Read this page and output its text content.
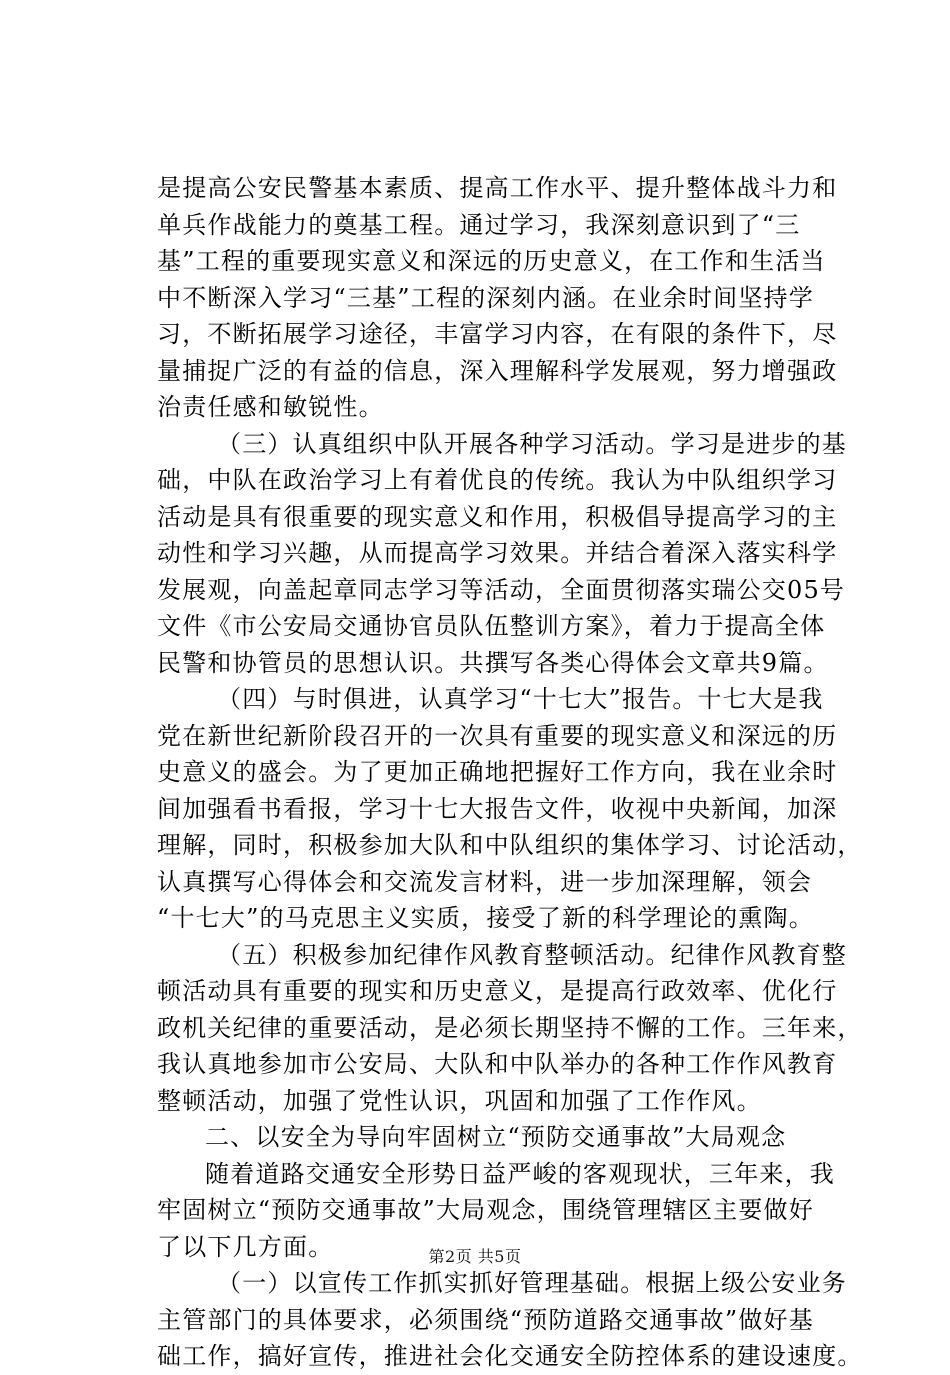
是提高公安民警基本素质、提高工作水平、提升整体战斗力和
单兵作战能力的奠基工程。通过学习，我深刻意识到了“三
基”工程的重要现实意义和深远的历史意义，在工作和生活当
中不断深入学习“三基”工程的深刻内涵。在业余时间坚持学
习，不断拓展学习途径，丰富学习内容，在有限的条件下，尽
量捕捉广泛的有益的信息，深入理解科学发展观，努力增强政
治责任感和敏锐性。

（三）认真组织中队开展各种学习活动。学习是进步的基
础，中队在政治学习上有着优良的传统。我认为中队组织学习
活动是具有很重要的现实意义和作用，积极倡导提高学习的主
动性和学习兴趣，从而提高学习效果。并结合着深入落实科学
发展观，向盖起章同志学习等活动，全面贯彻落实瑞公交05号
文件《市公安局交通协官员队伍整训方案》，着力于提高全体
民警和协管员的思想认识。共撰写各类心得体会文章共9篇。

（四）与时俱进，认真学习“十七大”报告。十七大是我
党在新世纪新阶段召开的一次具有重要的现实意义和深远的历
史意义的盛会。为了更加正确地把握好工作方向，我在业余时
间加强看书看报，学习十七大报告文件，收视中央新闻，加深
理解，同时，积极参加大队和中队组织的集体学习、讨论活动，
认真撰写心得体会和交流发言材料，进一步加深理解，领会
“十七大”的马克思主义实质，接受了新的科学理论的熏陶。

（五）积极参加纪律作风教育整顿活动。纪律作风教育整
顿活动具有重要的现实和历史意义，是提高行政效率、优化行
政机关纪律的重要活动，是必须长期坚持不懈的工作。三年来，
我认真地参加市公安局、大队和中队举办的各种工作作风教育
整顿活动，加强了党性认识，巩固和加强了工作作风。

二、以安全为导向牢固树立“预防交通事故”大局观念

随着道路交通安全形势日益严峻的客观现状，三年来，我
牢固树立“预防交通事故”大局观念，围绕管理辖区主要做好
了以下几方面。

（一）以宣传工作抓实抓好管理基础。根据上级公安业务
主管部门的具体要求，必须围绕“预防道路交通事故”做好基
础工作，搞好宣传，推进社会化交通安全防控体系的建设速度。

第2页 共5页
